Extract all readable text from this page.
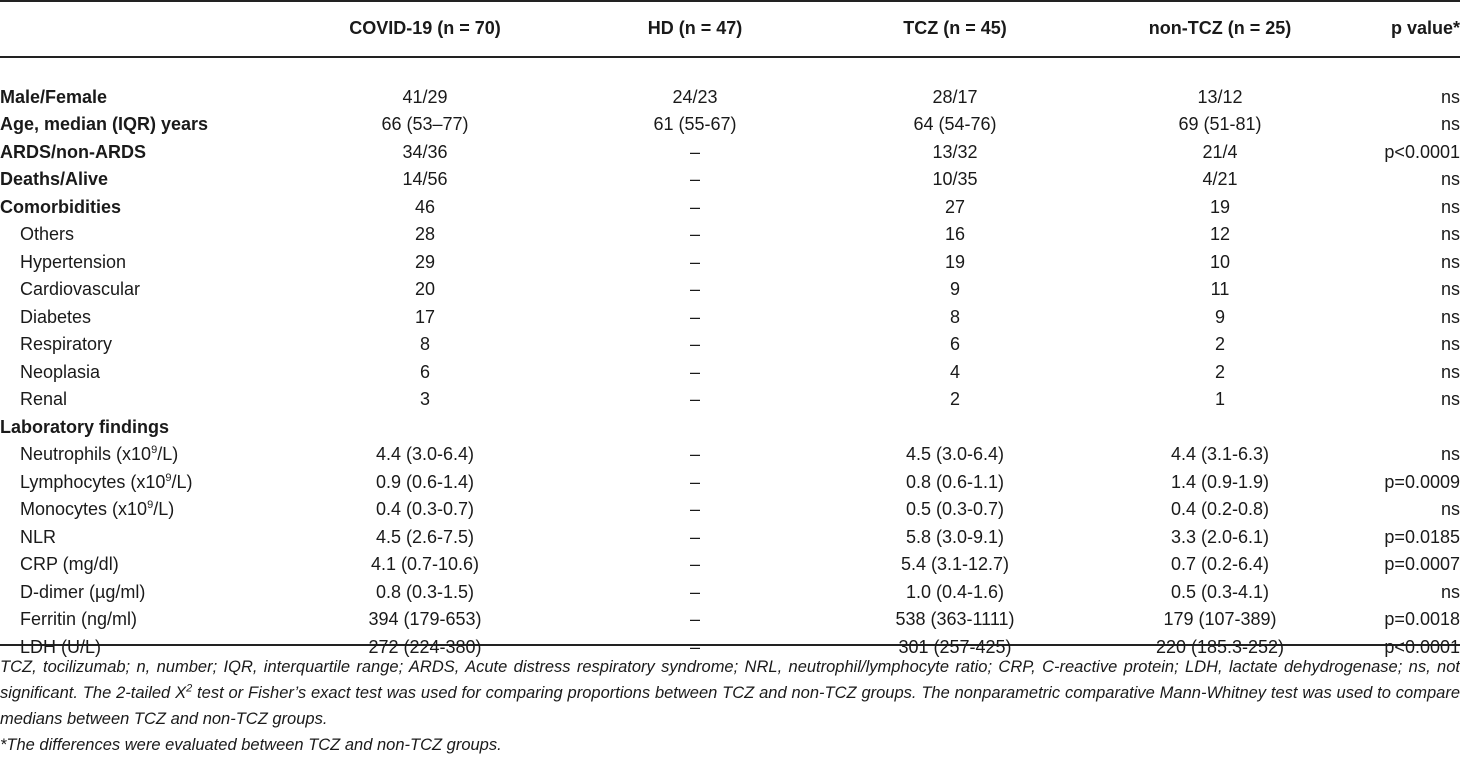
	COVID-19 (n = 70)	HD (n = 47)	TCZ (n = 45)	non-TCZ (n = 25)	p value*

Male/Female	41/29	24/23	28/17	13/12	ns
Age, median (IQR) years	66 (53–77)	61 (55-67)	64 (54-76)	69 (51-81)	ns
ARDS/non-ARDS	34/36	–	13/32	21/4	p<0.0001
Deaths/Alive	14/56	–	10/35	4/21	ns
Comorbidities	46	–	27	19	ns
Others	28	–	16	12	ns
Hypertension	29	–	19	10	ns
Cardiovascular	20	–	9	11	ns
Diabetes	17	–	8	9	ns
Respiratory	8	–	6	2	ns
Neoplasia	6	–	4	2	ns
Renal	3	–	2	1	ns
Laboratory findings					
Neutrophils $(x10^9/L)$	4.4 (3.0-6.4)	–	4.5 (3.0-6.4)	4.4 (3.1-6.3)	ns
Lymphocytes $(x10^9/L)$	0.9 (0.6-1.4)	–	0.8 (0.6-1.1)	1.4 (0.9-1.9)	p=0.0009
Monocytes $(x10^9/L)$	0.4 (0.3-0.7)	–	0.5 (0.3-0.7)	0.4 (0.2-0.8)	ns
NLR	4.5 (2.6-7.5)	–	5.8 (3.0-9.1)	3.3 (2.0-6.1)	p=0.0185
CRP (mg/dl)	4.1 (0.7-10.6)	–	5.4 (3.1-12.7)	0.7 (0.2-6.4)	p=0.0007
D-dimer (µg/ml)	0.8 (0.3-1.5)	–	1.0 (0.4-1.6)	0.5 (0.3-4.1)	ns
Ferritin (ng/ml)	394 (179-653)	–	538 (363-1111)	179 (107-389)	p=0.0018
LDH (U/L)	272 (224-380)	–	301 (257-425)	220 (185.3-252)	p<0.0001

TCZ, tocilizumab; n, number; IQR, interquartile range; ARDS, Acute distress respiratory syndrome; NRL, neutrophil/lymphocyte ratio; CRP, C-reactive protein; LDH, lactate dehydrogenase; ns, not significant. The 2-tailed $X^2$ test or Fisher’s exact test was used for comparing proportions between TCZ and non-TCZ groups. The nonparametric comparative Mann-Whitney test was used to compare medians between TCZ and non-TCZ groups.

*The differences were evaluated between TCZ and non-TCZ groups.
